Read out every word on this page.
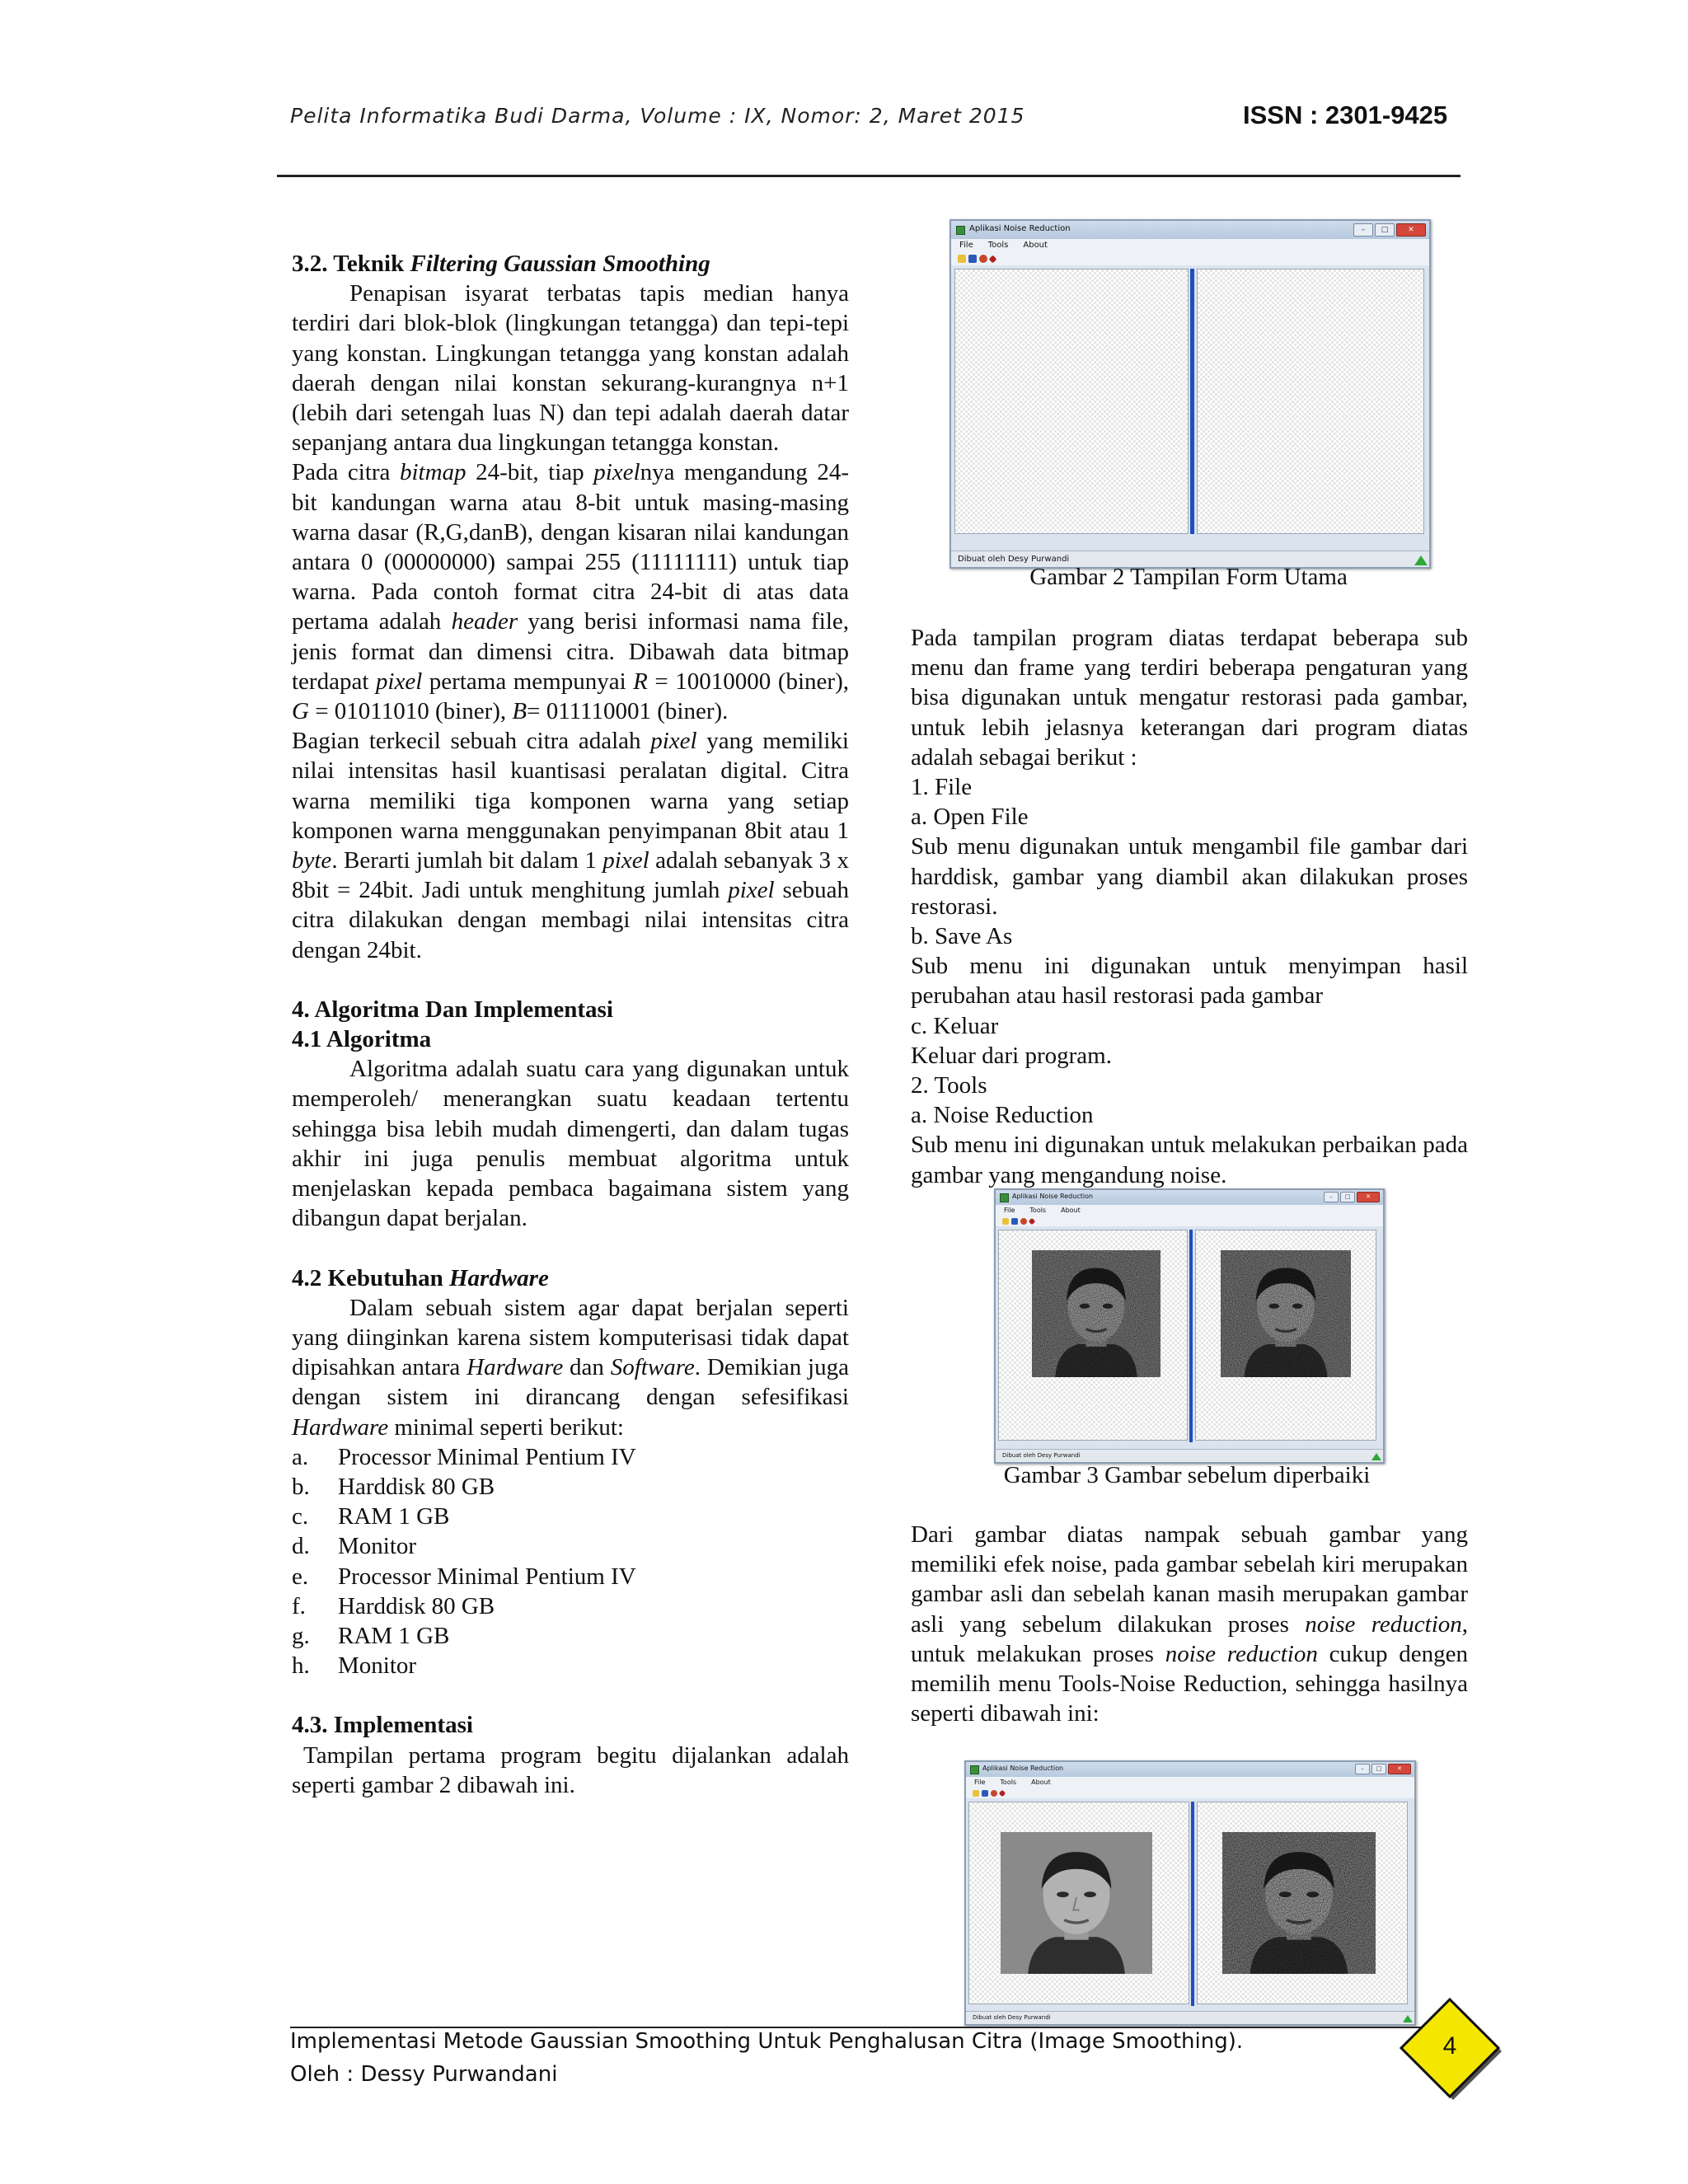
Pelita Informatika Budi Darma, Volume : IX, Nomor: 2, Maret 2015	ISSN : 2301-9425

3.2. Teknik Filtering Gaussian Smoothing

Penapisan isyarat terbatas tapis median hanya terdiri dari blok-blok (lingkungan tetangga) dan tepi-tepi yang konstan. Lingkungan tetangga yang konstan adalah daerah dengan nilai konstan sekurang-kurangnya n+1 (lebih dari setengah luas N) dan tepi adalah daerah datar sepanjang antara dua lingkungan tetangga konstan.

Pada citra bitmap 24-bit, tiap pixelnya mengandung 24-bit kandungan warna atau 8-bit untuk masing-masing warna dasar (R,G,danB), dengan kisaran nilai kandungan antara 0 (00000000) sampai 255 (11111111) untuk tiap warna. Pada contoh format citra 24-bit di atas data pertama adalah header yang berisi informasi nama file, jenis format dan dimensi citra. Dibawah data bitmap terdapat pixel pertama mempunyai R = 10010000 (biner), G = 01011010 (biner), B= 011110001 (biner).

Bagian terkecil sebuah citra adalah pixel yang memiliki nilai intensitas hasil kuantisasi peralatan digital. Citra warna memiliki tiga komponen warna yang setiap komponen warna menggunakan penyimpanan 8bit atau 1 byte. Berarti jumlah bit dalam 1 pixel adalah sebanyak 3 x 8bit = 24bit. Jadi untuk menghitung jumlah pixel sebuah citra dilakukan dengan membagi nilai intensitas citra dengan 24bit.

4. Algoritma Dan Implementasi

4.1 Algoritma

Algoritma adalah suatu cara yang digunakan untuk memperoleh/ menerangkan suatu keadaan tertentu sehingga bisa lebih mudah dimengerti, dan dalam tugas akhir ini juga penulis membuat algoritma untuk menjelaskan kepada pembaca bagaimana sistem yang dibangun dapat berjalan.

4.2 Kebutuhan Hardware

Dalam sebuah sistem agar dapat berjalan seperti yang diinginkan karena sistem komputerisasi tidak dapat dipisahkan antara Hardware dan Software. Demikian juga dengan sistem ini dirancang dengan sefesifikasi Hardware minimal seperti berikut:

a.	Processor Minimal Pentium IV
b.	Harddisk 80 GB
c.	RAM 1 GB
d.	Monitor
e.	Processor Minimal Pentium IV
f.	Harddisk 80 GB
g.	RAM 1 GB
h.	Monitor

4.3. Implementasi

Tampilan pertama program begitu dijalankan adalah seperti gambar 2 dibawah ini.

Aplikasi Noise Reduction	–	□	✕
File Tools About
Dibuat oleh Desy Purwandi
Gambar 2 Tampilan Form Utama

Pada tampilan program diatas terdapat beberapa sub menu dan frame yang terdiri beberapa pengaturan yang bisa digunakan untuk mengatur restorasi pada gambar, untuk lebih jelasnya keterangan dari program diatas adalah sebagai berikut :

1. File

a. Open File

Sub menu digunakan untuk mengambil file gambar dari harddisk, gambar yang diambil akan dilakukan proses restorasi.

b. Save As

Sub menu ini digunakan untuk menyimpan hasil perubahan atau hasil restorasi pada gambar

c. Keluar

Keluar dari program.

2. Tools

a. Noise Reduction

Sub menu ini digunakan untuk melakukan perbaikan pada gambar yang mengandung noise.

Aplikasi Noise Reduction	–	□	✕
File Tools About
Dibuat oleh Desy Purwandi
Gambar 3 Gambar sebelum diperbaiki

Dari gambar diatas nampak sebuah gambar yang memiliki efek noise, pada gambar sebelah kiri merupakan gambar asli dan sebelah kanan masih merupakan gambar asli yang sebelum dilakukan proses noise reduction, untuk melakukan proses noise reduction cukup dengen memilih menu Tools-Noise Reduction, sehingga hasilnya seperti dibawah ini:

Aplikasi Noise Reduction	–	□	✕
File Tools About
Dibuat oleh Desy Purwandi
Implementasi Metode Gaussian Smoothing Untuk Penghalusan Citra (Image Smoothing).
Oleh : Dessy Purwandani
4
